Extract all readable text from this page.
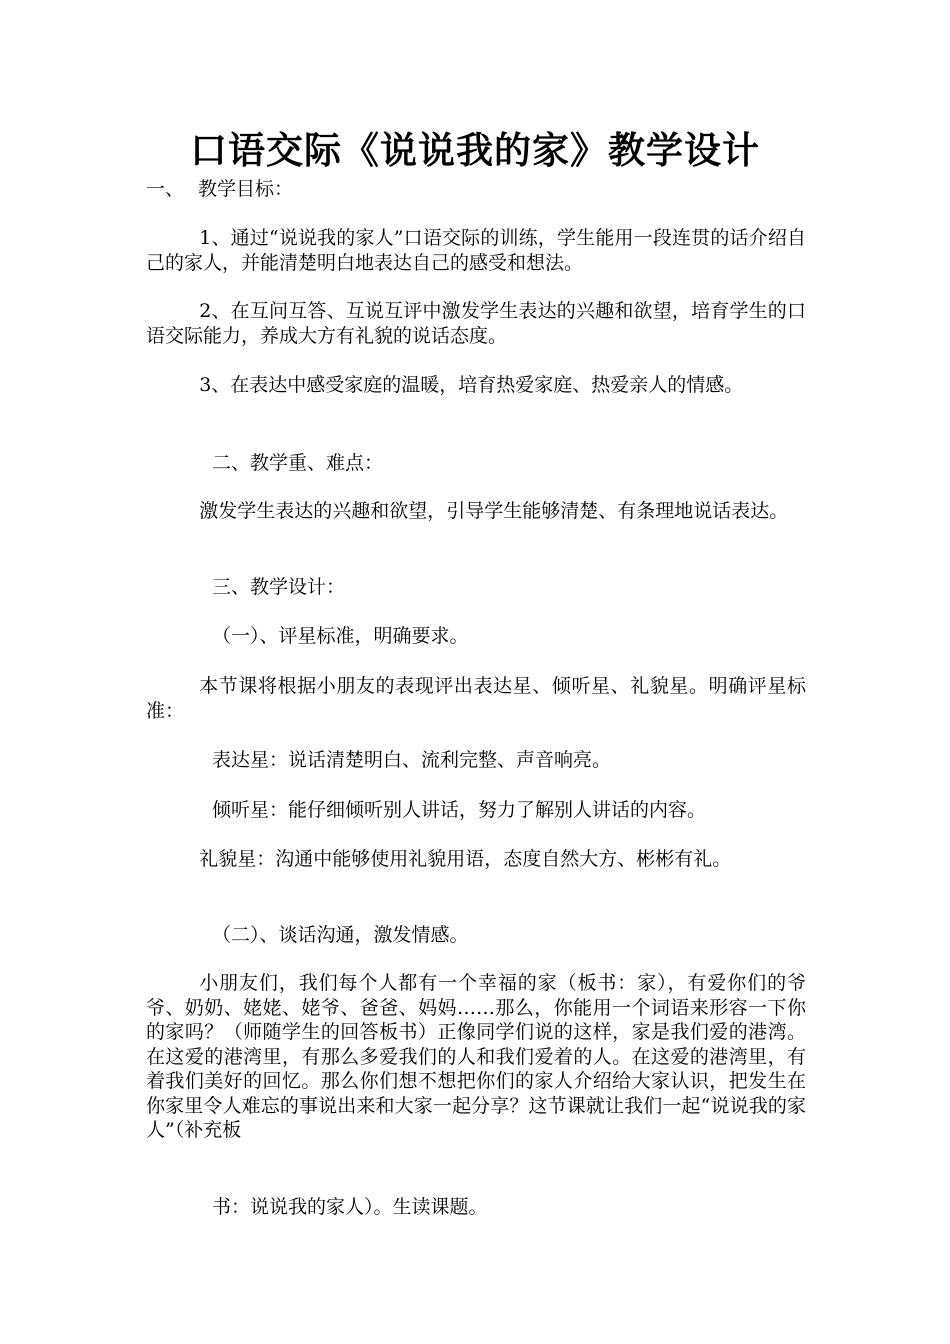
口语交际《说说我的家》教学设计
一、 教学目标：
1、通过“说说我的家人”口语交际的训练，学生能用一段连贯的话介绍自己的家人，并能清楚明白地表达自己的感受和想法。
2、在互问互答、互说互评中激发学生表达的兴趣和欲望，培育学生的口语交际能力，养成大方有礼貌的说话态度。
3、在表达中感受家庭的温暖，培育热爱家庭、热爱亲人的情感。
二、教学重、难点：
激发学生表达的兴趣和欲望，引导学生能够清楚、有条理地说话表达。
三、教学设计：
（一）、评星标准，明确要求。
本节课将根据小朋友的表现评出表达星、倾听星、礼貌星。明确评星标准：
表达星：说话清楚明白、流利完整、声音响亮。
倾听星：能仔细倾听别人讲话，努力了解别人讲话的内容。
礼貌星：沟通中能够使用礼貌用语，态度自然大方、彬彬有礼。
（二）、谈话沟通，激发情感。
小朋友们，我们每个人都有一个幸福的家（板书：家），有爱你们的爷爷、奶奶、姥姥、姥爷、爸爸、妈妈……那么，你能用一个词语来形容一下你的家吗？（师随学生的回答板书）正像同学们说的这样，家是我们爱的港湾。在这爱的港湾里，有那么多爱我们的人和我们爱着的人。在这爱的港湾里，有着我们美好的回忆。那么你们想不想把你们的家人介绍给大家认识，把发生在你家里令人难忘的事说出来和大家一起分享？这节课就让我们一起“说说我的家人”（补充板
书：说说我的家人）。生读课题。
